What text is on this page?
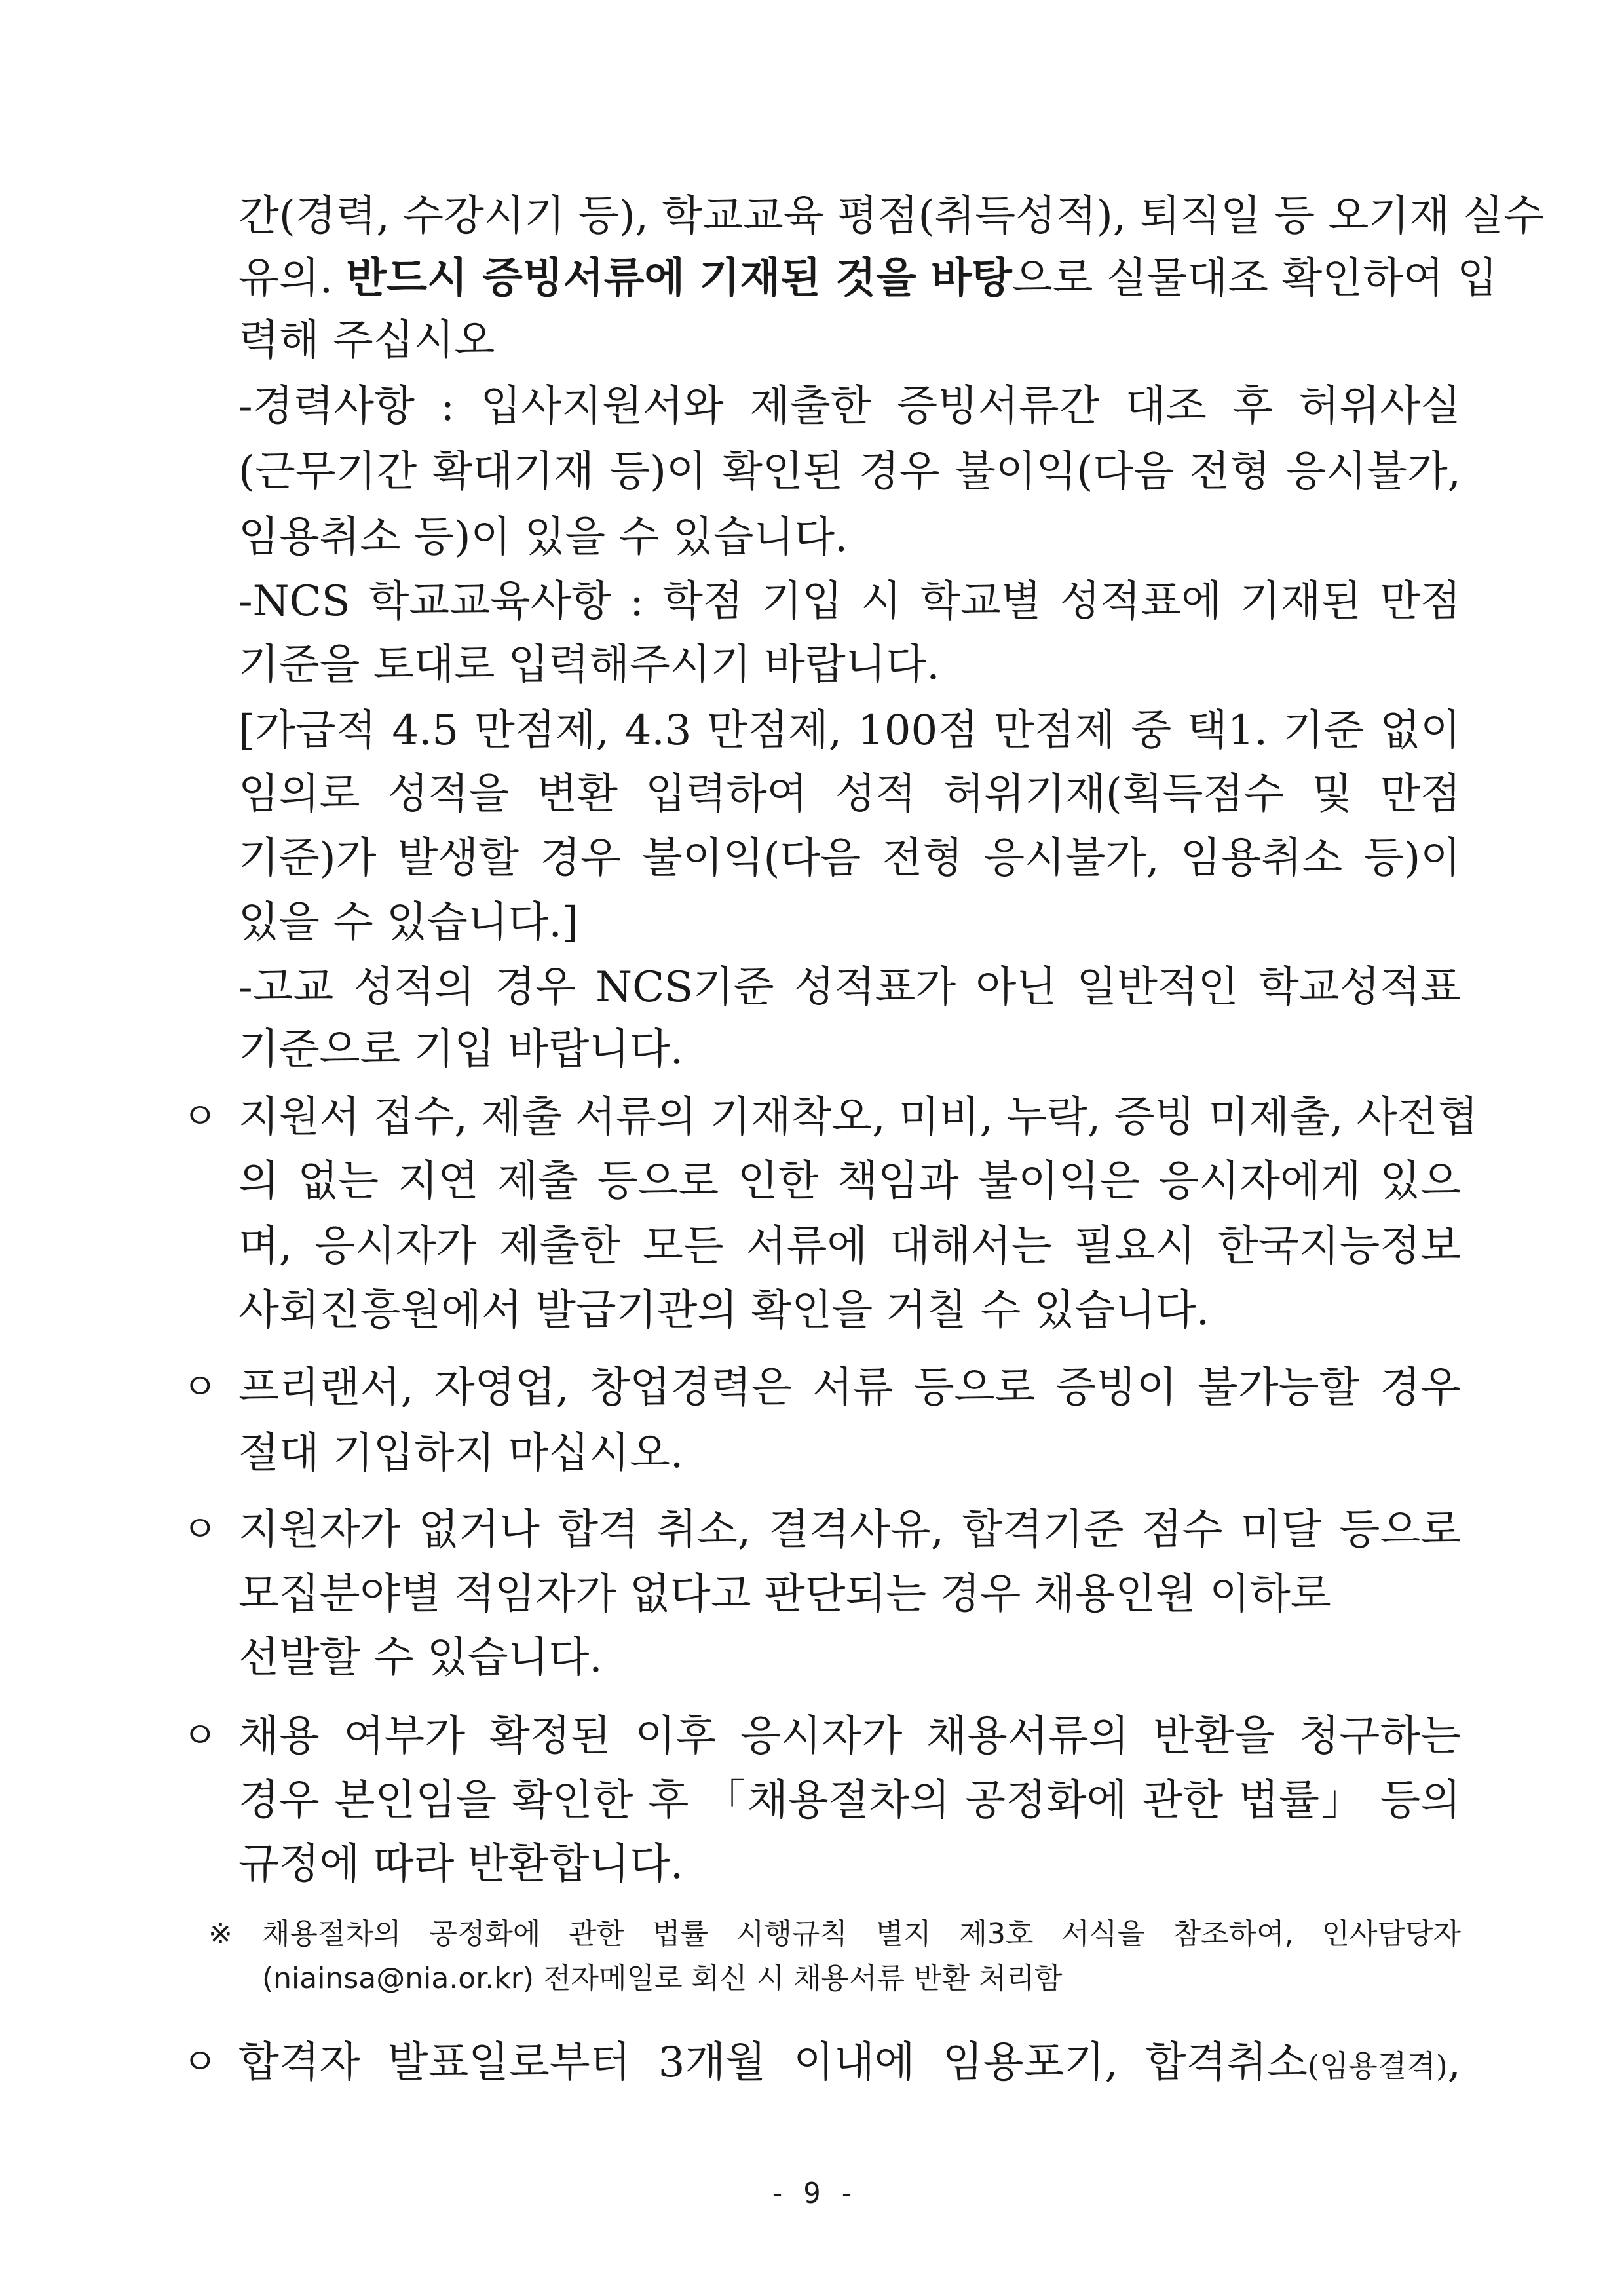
간(경력, 수강시기 등), 학교교육 평점(취득성적), 퇴직일 등 오기재 실수
유의. 반드시 증빙서류에 기재된 것을 바탕으로 실물대조 확인하여 입
력해 주십시오
-경력사항 : 입사지원서와 제출한 증빙서류간 대조 후 허위사실
(근무기간 확대기재 등)이 확인된 경우 불이익(다음 전형 응시불가,
임용취소 등)이 있을 수 있습니다.
-NCS 학교교육사항 : 학점 기입 시 학교별 성적표에 기재된 만점
기준을 토대로 입력해주시기 바랍니다.
[가급적 4.5 만점제, 4.3 만점제, 100점 만점제 중 택1. 기준 없이
임의로 성적을 변환 입력하여 성적 허위기재(획득점수 및 만점
기준)가 발생할 경우 불이익(다음 전형 응시불가, 임용취소 등)이
있을 수 있습니다.]
-고교 성적의 경우 NCS기준 성적표가 아닌 일반적인 학교성적표
기준으로 기입 바랍니다.
ㅇ 지원서 접수, 제출 서류의 기재착오, 미비, 누락, 증빙 미제출, 사전협
의 없는 지연 제출 등으로 인한 책임과 불이익은 응시자에게 있으
며, 응시자가 제출한 모든 서류에 대해서는 필요시 한국지능정보
사회진흥원에서 발급기관의 확인을 거칠 수 있습니다.
ㅇ 프리랜서, 자영업, 창업경력은 서류 등으로 증빙이 불가능할 경우
절대 기입하지 마십시오.
ㅇ 지원자가 없거나 합격 취소, 결격사유, 합격기준 점수 미달 등으로
모집분야별 적임자가 없다고 판단되는 경우 채용인원 이하로
선발할 수 있습니다.
ㅇ 채용 여부가 확정된 이후 응시자가 채용서류의 반환을 청구하는
경우 본인임을 확인한 후 「채용절차의 공정화에 관한 법률」 등의
규정에 따라 반환합니다.
※ 채용절차의 공정화에 관한 법률 시행규칙 별지 제3호 서식을 참조하여, 인사담당자
(niainsa@nia.or.kr) 전자메일로 회신 시 채용서류 반환 처리함
ㅇ 합격자 발표일로부터 3개월 이내에 임용포기, 합격취소(임용결격),
- 9 -
